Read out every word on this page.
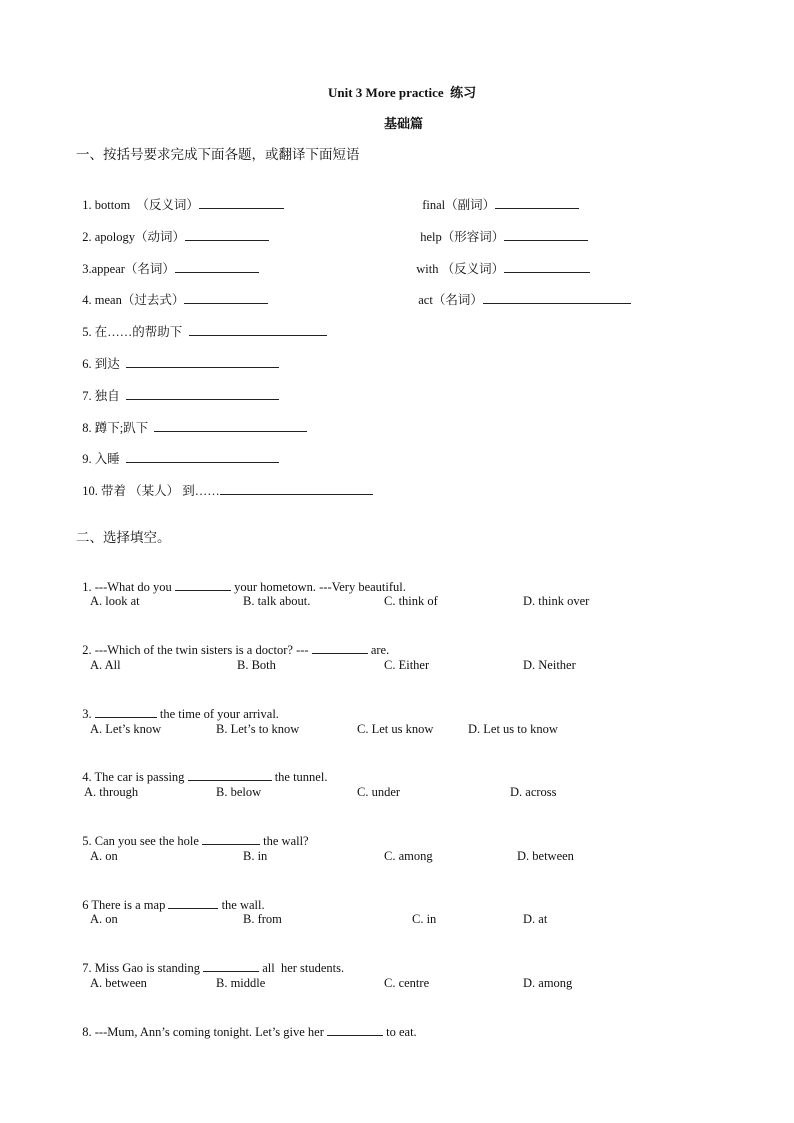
Unit 3 More practice  练习
基础篇
一、按括号要求完成下面各题，或翻译下面短语

1. bottom  （反义词）	final（副词）

2. apology（动词）	help（形容词）

3.appear（名词）	with （反义词）

4. mean（过去式）	act（名词）

5. 在……的帮助下

6. 到达

7. 独自

8. 蹲下;趴下

9. 入睡

10. 带着 （某人） 到……

二、选择填空。

1. ---What do you	your hometown. ---Very beautiful.

A. look at	B. talk about.	C. think of	D. think over

2. ---Which of the twin sisters is a doctor? ---	are.

A. All	B. Both	C. Either	D. Neither

3.	the time of your arrival.

A. Let’s know	B. Let’s to know	C. Let us know	D. Let us to know

4. The car is passing	the tunnel.

A. through	B. below	C. under	D. across

5. Can you see the hole	the wall?

A. on	B. in	C. among	D. between

6 There is a map	the wall.

A. on	B. from	C. in	D. at

7. Miss Gao is standing	all  her students.

A. between	B. middle	C. centre	D. among

8. ---Mum, Ann’s coming tonight. Let’s give her	to eat.
